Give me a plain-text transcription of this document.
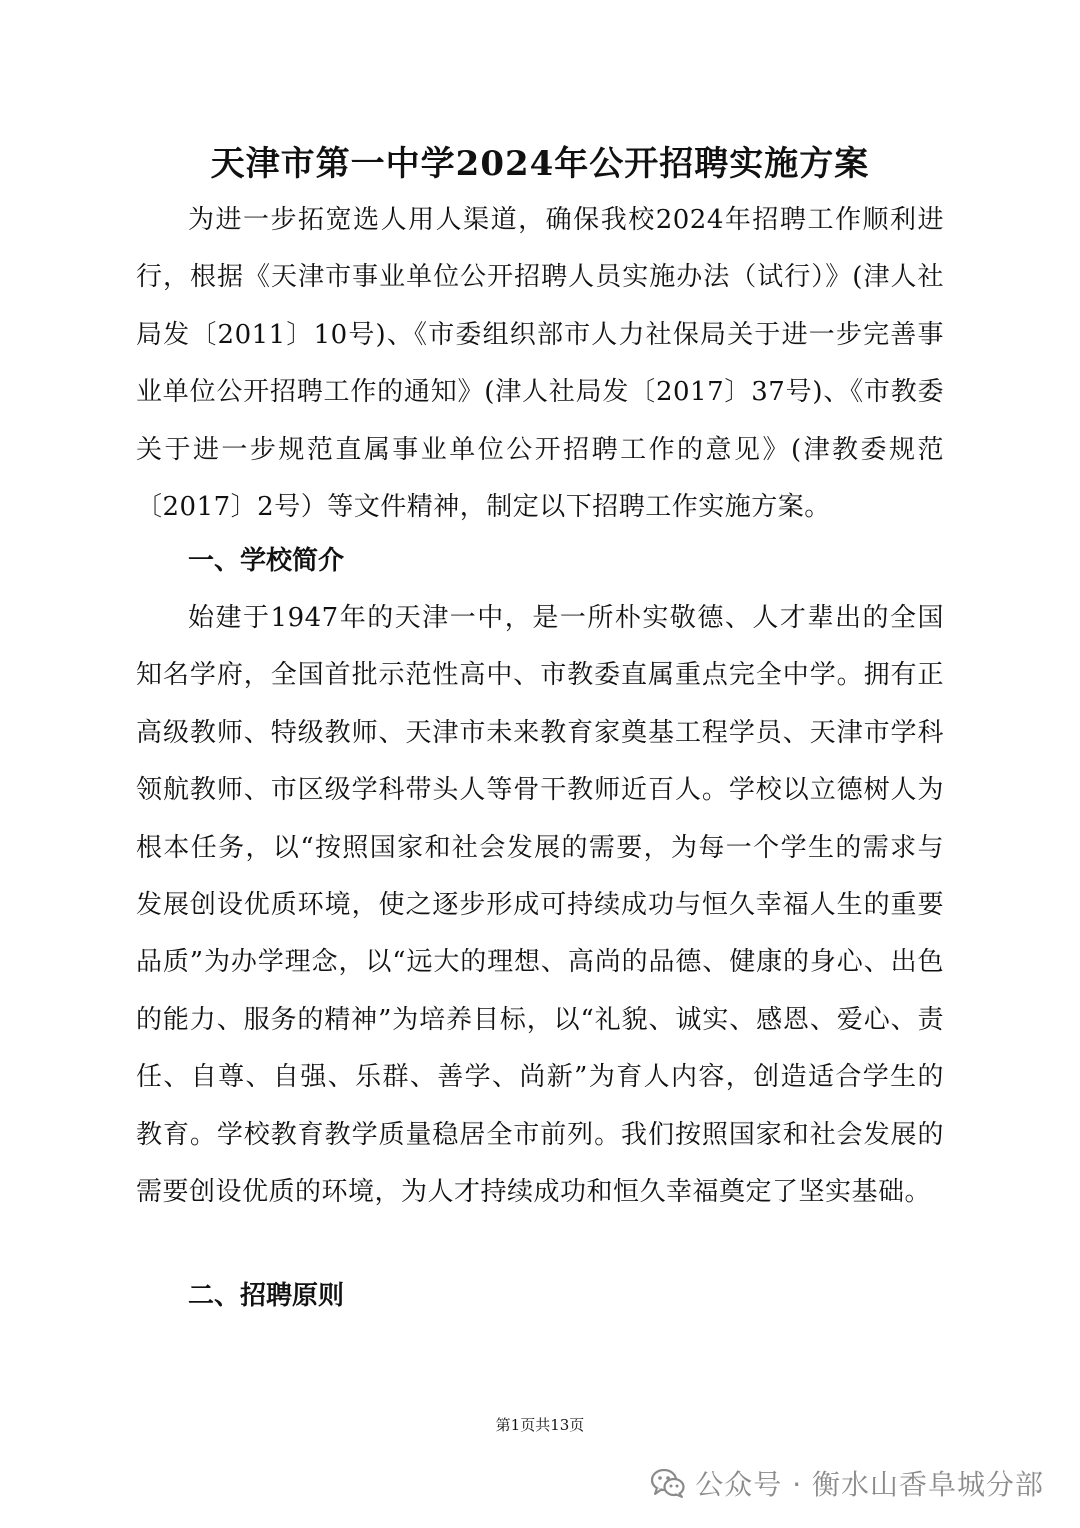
天津市第一中学2024年公开招聘实施方案

为进一步拓宽选人用人渠道，确保我校2024年招聘工作顺利进行，根据《天津市事业单位公开招聘人员实施办法（试行）》(津人社局发〔2011〕10号)、《市委组织部市人力社保局关于进一步完善事业单位公开招聘工作的通知》(津人社局发〔2017〕37号)、《市教委关于进一步规范直属事业单位公开招聘工作的意见》(津教委规范〔2017〕2号）等文件精神，制定以下招聘工作实施方案。

一、学校简介

始建于1947年的天津一中，是一所朴实敬德、人才辈出的全国知名学府，全国首批示范性高中、市教委直属重点完全中学。拥有正高级教师、特级教师、天津市未来教育家奠基工程学员、天津市学科领航教师、市区级学科带头人等骨干教师近百人。学校以立德树人为根本任务，以“按照国家和社会发展的需要，为每一个学生的需求与发展创设优质环境，使之逐步形成可持续成功与恒久幸福人生的重要品质”为办学理念，以“远大的理想、高尚的品德、健康的身心、出色的能力、服务的精神”为培养目标，以“礼貌、诚实、感恩、爱心、责任、自尊、自强、乐群、善学、尚新”为育人内容，创造适合学生的教育。学校教育教学质量稳居全市前列。我们按照国家和社会发展的需要创设优质的环境，为人才持续成功和恒久幸福奠定了坚实基础。

二、招聘原则
第1页共13页
公众号 · 衡水山香阜城分部
